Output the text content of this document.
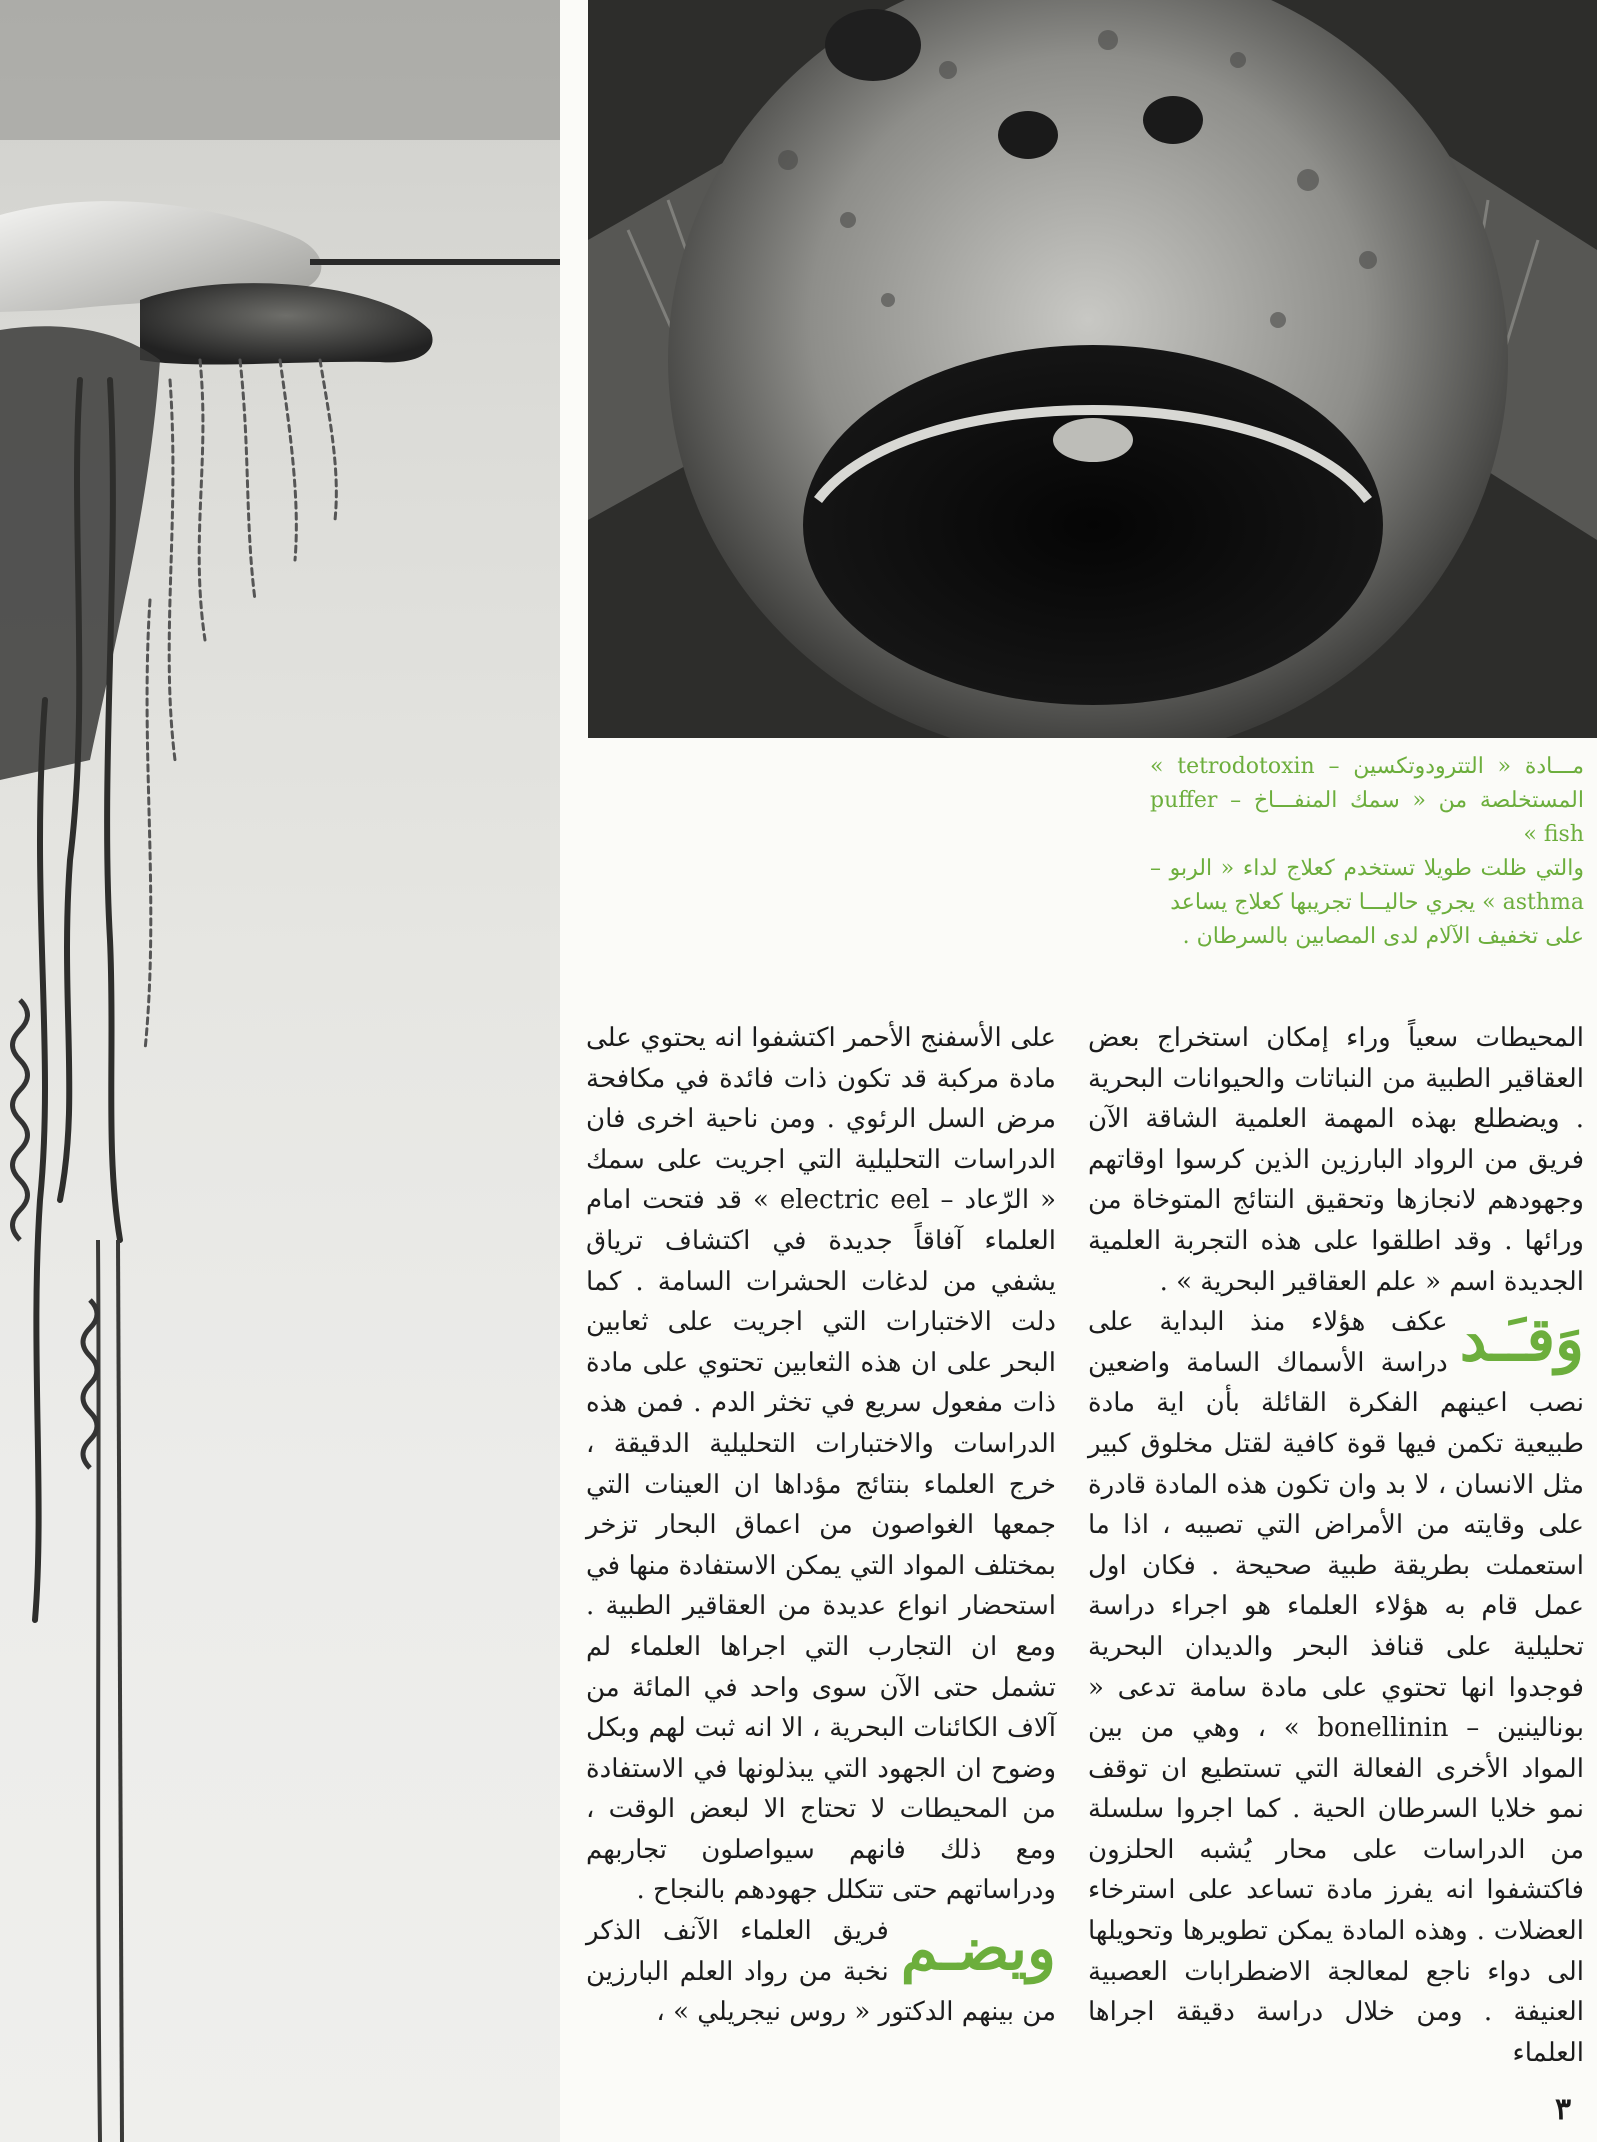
مـــادة « التترودوتكسين – tetrodotoxin » المستخلصة من « سمك المنفـــاخ – puffer fish »

والتي ظلت طويلا تستخدم كعلاج لداء « الربو – asthma » يجري حاليـــا تجريبها كعلاج يساعد

على تخفيف الآلام لدى المصابين بالسرطان .

المحيطات سعياً وراء إمكان استخراج بعض العقاقير الطبية من النباتات والحيوانات البحرية . ويضطلع بهذه المهمة العلمية الشاقة الآن فريق من الرواد البارزين الذين كرسوا اوقاتهم وجهودهم لانجازها وتحقيق النتائج المتوخاة من ورائها . وقد اطلقوا على هذه التجربة العلمية الجديدة اسم « علم العقاقير البحرية » .

وَقـَـد
عكف هؤلاء منذ البداية على دراسة الأسماك السامة واضعين نصب اعينهم الفكرة القائلة بأن اية مادة طبيعية تكمن فيها قوة كافية لقتل مخلوق كبير مثل الانسان ، لا بد وان تكون هذه المادة قادرة على وقايته من الأمراض التي تصيبه ، اذا ما استعملت بطريقة طبية صحيحة . فكان اول عمل قام به هؤلاء العلماء هو اجراء دراسة تحليلية على قنافذ البحر والديدان البحرية فوجدوا انها تحتوي على مادة سامة تدعى « بونالينين – bonellinin » ، وهي من بين المواد الأخرى الفعالة التي تستطيع ان توقف نمو خلايا السرطان الحية . كما اجروا سلسلة من الدراسات على محار يُشبه الحلزون فاكتشفوا انه يفرز مادة تساعد على استرخاء العضلات . وهذه المادة يمكن تطويرها وتحويلها الى دواء ناجع لمعالجة الاضطرابات العصبية العنيفة . ومن خلال دراسة دقيقة اجراها العلماء

على الأسفنج الأحمر اكتشفوا انه يحتوي على مادة مركبة قد تكون ذات فائدة في مكافحة مرض السل الرئوي . ومن ناحية اخرى فان الدراسات التحليلية التي اجريت على سمك « الرّعاد – electric eel » قد فتحت امام العلماء آفاقاً جديدة في اكتشاف ترياق يشفي من لدغات الحشرات السامة . كما دلت الاختبارات التي اجريت على ثعابين البحر على ان هذه الثعابين تحتوي على مادة ذات مفعول سريع في تخثر الدم . فمن هذه الدراسات والاختبارات التحليلية الدقيقة ، خرج العلماء بنتائج مؤداها ان العينات التي جمعها الغواصون من اعماق البحار تزخر بمختلف المواد التي يمكن الاستفادة منها في استحضار انواع عديدة من العقاقير الطبية . ومع ان التجارب التي اجراها العلماء لم تشمل حتى الآن سوى واحد في المائة من آلاف الكائنات البحرية ، الا انه ثبت لهم وبكل وضوح ان الجهود التي يبذلونها في الاستفادة من المحيطات لا تحتاج الا لبعض الوقت ، ومع ذلك فانهم سيواصلون تجاربهم ودراساتهم حتى تتكلل جهودهم بالنجاح .

ويضـم
فريق العلماء الآنف الذكر نخبة من رواد العلم البارزين من بينهم الدكتور « روس نيجريلي » ،

٣
